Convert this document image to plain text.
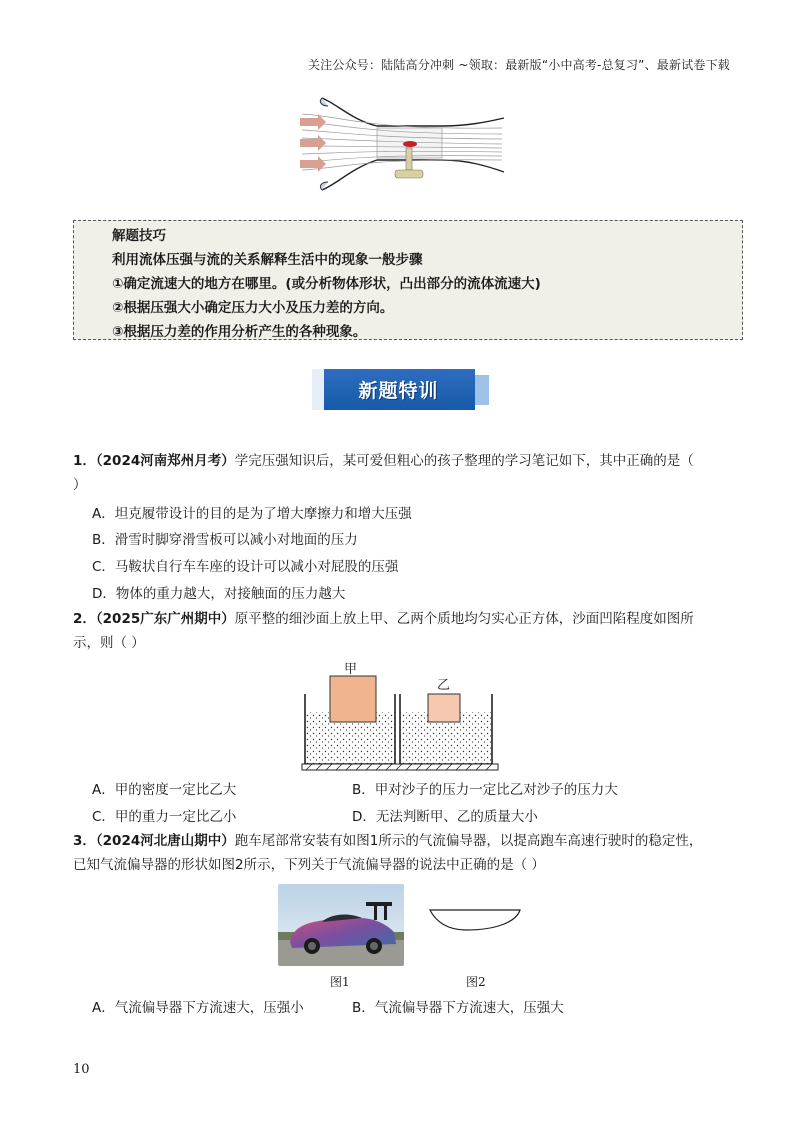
关注公众号：陆陆高分冲刺 ~领取：最新版“小中高考-总复习”、最新试卷下载

解题技巧

利用流体压强与流的关系解释生活中的现象一般步骤

①确定流速大的地方在哪里。(或分析物体形状，凸出部分的流体流速大)

②根据压强大小确定压力大小及压力差的方向。

③根据压力差的作用分析产生的各种现象。

新题特训
1．（2024河南郑州月考）学完压强知识后，某可爱但粗心的孩子整理的学习笔记如下，其中正确的是（
）
A．坦克履带设计的目的是为了增大摩擦力和增大压强
B．滑雪时脚穿滑雪板可以减小对地面的压力
C．马鞍状自行车车座的设计可以减小对屁股的压强
D．物体的重力越大，对接触面的压力越大
2．（2025广东广州期中）原平整的细沙面上放上甲、乙两个质地均匀实心正方体，沙面凹陷程度如图所
示，则（ ）
甲
乙
A．甲的密度一定比乙大	B．甲对沙子的压力一定比乙对沙子的压力大
C．甲的重力一定比乙小	D．无法判断甲、乙的质量大小
3．（2024河北唐山期中）跑车尾部常安装有如图1所示的气流偏导器，以提高跑车高速行驶时的稳定性，
已知气流偏导器的形状如图2所示，下列关于气流偏导器的说法中正确的是（ ）
图1	图2
A．气流偏导器下方流速大，压强小	B．气流偏导器下方流速大，压强大
10
